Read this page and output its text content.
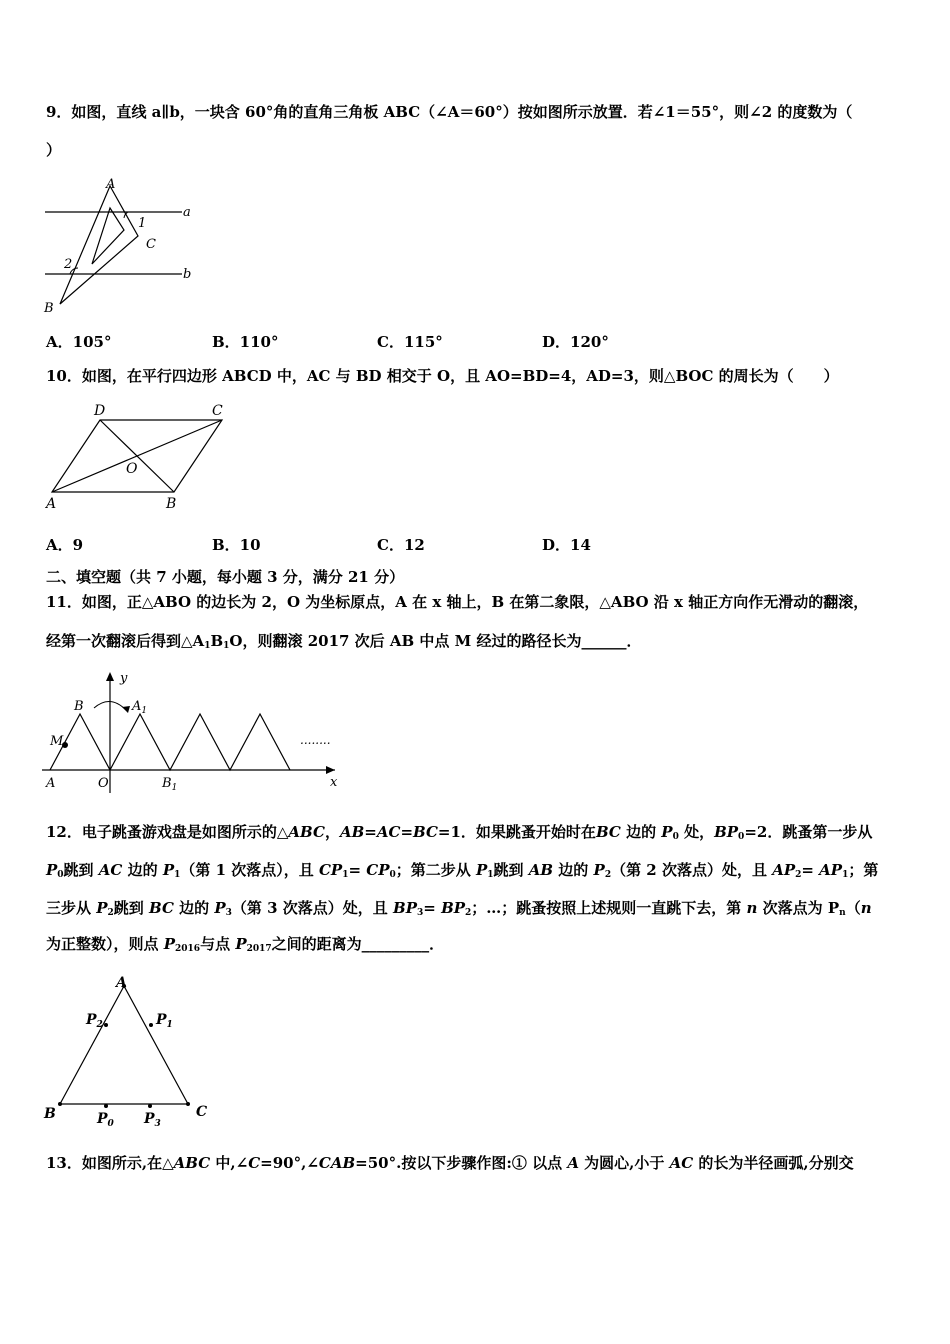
9．如图，直线 a∥b，一块含 60°角的直角三角板 ABC（∠A＝60°）按如图所示放置．若∠1＝55°，则∠2 的度数为（
）
A
1
C
a
b
2
B
A．105°	B．110°	C．115°	D．120°
10．如图，在平行四边形 ABCD 中，AC 与 BD 相交于 O，且 AO=BD=4，AD=3，则△BOC 的周长为（　　）
D	C
O
A	B
A．9	B．10	C．12	D．14
二、填空题（共 7 小题，每小题 3 分，满分 21 分）
11．如图，正△ABO 的边长为 2，O 为坐标原点，A 在 x 轴上，B 在第二象限，△ABO 沿 x 轴正方向作无滑动的翻滚，
经第一次翻滚后得到$\triangle A_1B_1O$，则翻滚 2017 次后 AB 中点 M 经过的路径长为______．
y
x
B	$A_1$
M
A	O	$B_1$
........
12．电子跳蚤游戏盘是如图所示的△ABC，AB=AC=BC=1．如果跳蚤开始时在BC 边的 $P_0$ 处，$BP_0=2$．跳蚤第一步从
$P_0$跳到 AC 边的 $P_1$（第 1 次落点），且 $CP_1= CP_0$；第二步从 $P_1$跳到 AB 边的 $P_2$（第 2 次落点）处，且 $AP_2= AP_1$；第
三步从 $P_2$跳到 BC 边的 $P_3$（第 3 次落点）处，且 $BP_3= BP_2$；…；跳蚤按照上述规则一直跳下去，第 n 次落点为 $P_n(n$
为正整数），则点 $P_{2016}$与点 $P_{2017}$之间的距离为_________．
A
B	C
$P_0$ $P_3$
$P_1$
$P_2$
13．如图所示,在△ABC 中,∠C=90°,∠CAB=50°.按以下步骤作图:① 以点 A 为圆心,小于 AC 的长为半径画弧,分别交
